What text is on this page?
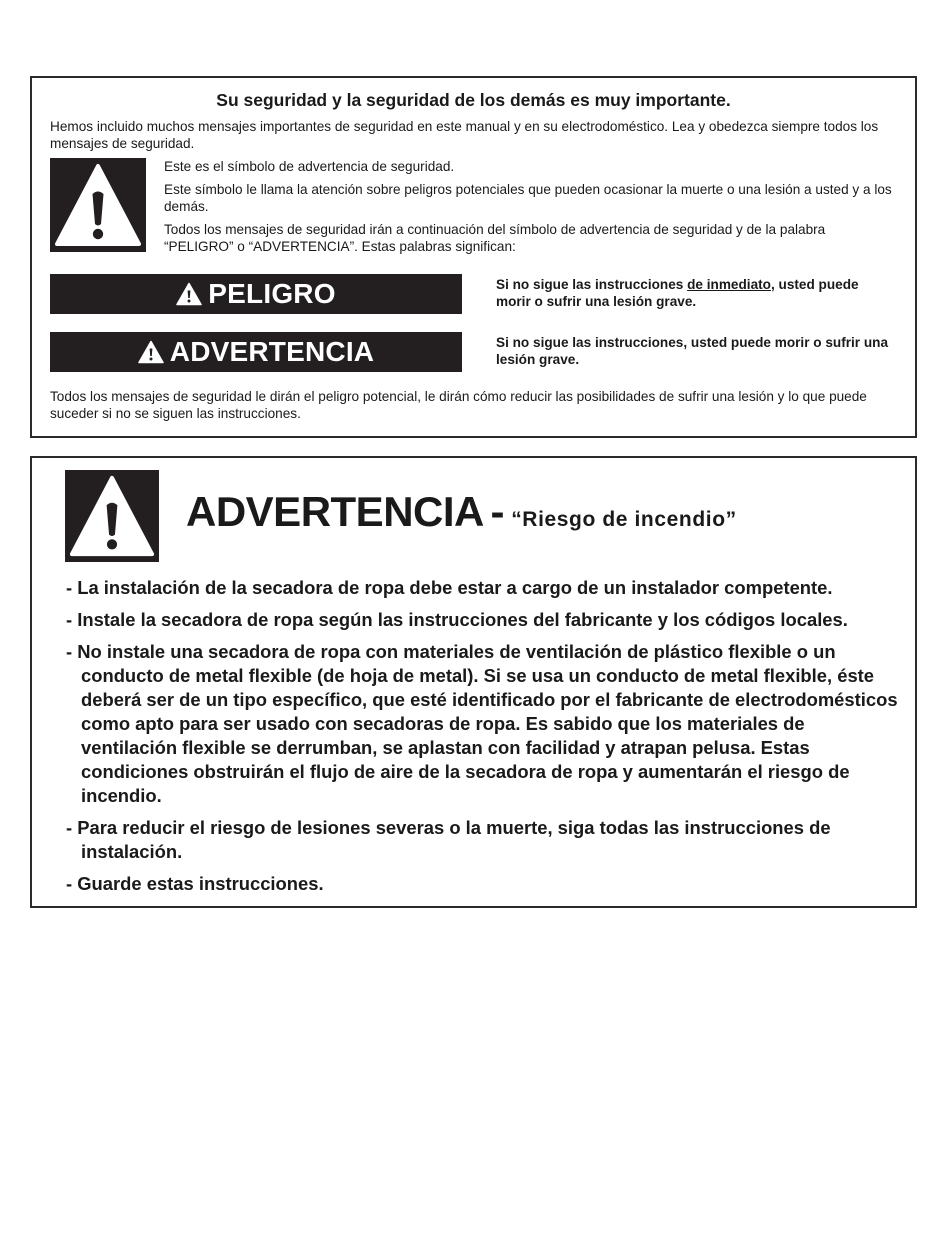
Su seguridad y la seguridad de los demás es muy importante.

Hemos incluido muchos mensajes importantes de seguridad en este manual y en su electrodoméstico. Lea y obedezca siempre todos los mensajes de seguridad.

Este es el símbolo de advertencia de seguridad.

Este símbolo le llama la atención sobre peligros potenciales que pueden ocasionar la muerte o una lesión a usted y a los demás.

Todos los mensajes de seguridad irán a continuación del símbolo de advertencia de seguridad y de la palabra “PELIGRO” o “ADVERTENCIA”. Estas palabras significan:

PELIGRO	Si no sigue las instrucciones de inmediato, usted puede morir o sufrir una lesión grave.

ADVERTENCIA	Si no sigue las instrucciones, usted puede morir o sufrir una lesión grave.

Todos los mensajes de seguridad le dirán el peligro potencial, le dirán cómo reducir las posibilidades de sufrir una lesión y lo que puede suceder si no se siguen las instrucciones.

ADVERTENCIA - “Riesgo de incendio”
- La instalación de la secadora de ropa debe estar a cargo de un instalador competente.
- Instale la secadora de ropa según las instrucciones del fabricante y los códigos locales.
- No instale una secadora de ropa con materiales de ventilación de plástico flexible o un conducto de metal flexible (de hoja de metal). Si se usa un conducto de metal flexible, éste deberá ser de un tipo específico, que esté identificado por el fabricante de electrodomésticos como apto para ser usado con secadoras de ropa. Es sabido que los materiales de ventilación flexible se derrumban, se aplastan con facilidad y atrapan pelusa. Estas condiciones obstruirán el flujo de aire de la secadora de ropa y aumentarán el riesgo de incendio.
- Para reducir el riesgo de lesiones severas o la muerte, siga todas las instrucciones de instalación.
- Guarde estas instrucciones.
